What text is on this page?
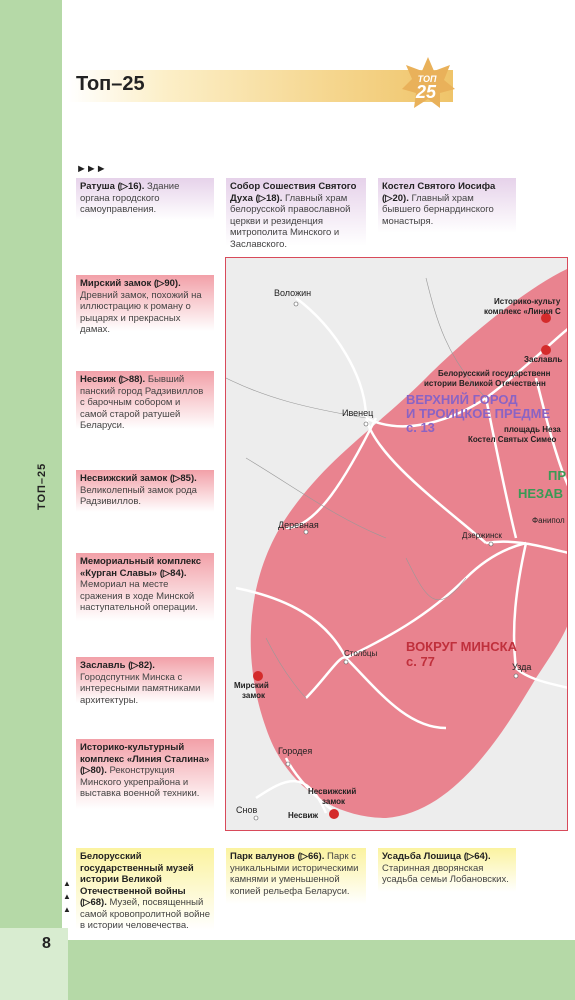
8
ТОП–25
Топ–25	ТОП
25
►►►
Ратуша (▷16). Здание органа городского самоуправления.
Собор Сошествия Святого Духа (▷18). Главный храм белорусской православной церкви и резиденция митрополита Минского и Заславского.
Костел Святого Иосифа (▷20). Главный храм бывшего бернардинского монастыря.
Мирский замок (▷90). Древний замок, похожий на иллюстрацию к роману о рыцарях и прекрасных дамах.
Несвиж (▷88). Бывший панский город Радзивиллов с барочным собором и самой старой ратушей Беларуси.
Несвижский замок (▷85). Великолепный замок рода Радзивиллов.
Мемориальный комплекс «Курган Славы» (▷84). Мемориал на месте сражения в ходе Минской наступательной операции.
Заславль (▷82). Городспутник Минска с интересными памятниками архитектуры.
Историко-культурный комплекс «Линия Сталина» (▷80). Реконструкция Минского укрепрайона и выставка военной техники.
Белорусский государственный музей истории Великой Отечественной войны (▷68). Музей, посвященный самой кровопролитной войне в истории человечества.
Парк валунов (▷66). Парк с уникальными историческими камнями и уменьшенной копией рельефа Беларуси.
Усадьба Лошица (▷64). Старинная дворянская усадьба семьи Лобановских.
▲
▲
▲
Воложин
Ивенец
Деревная
Дзержинск
Столбцы
Узда
Городея
Снов
Несвиж
Мирский
замок
Несвижский
замок
Историко-культу
комплекс «Линия С
Заславль
Белорусский государственн
истории Великой Отечественн
площадь Неза
Костел Святых Симео
Фанипол
ВЕРХНИЙ ГОРОД
И ТРОИЦКОЕ ПРЕДМЕ
с. 13
ВОКРУГ МИНСКА
с. 77
ПР
НЕЗАВ
